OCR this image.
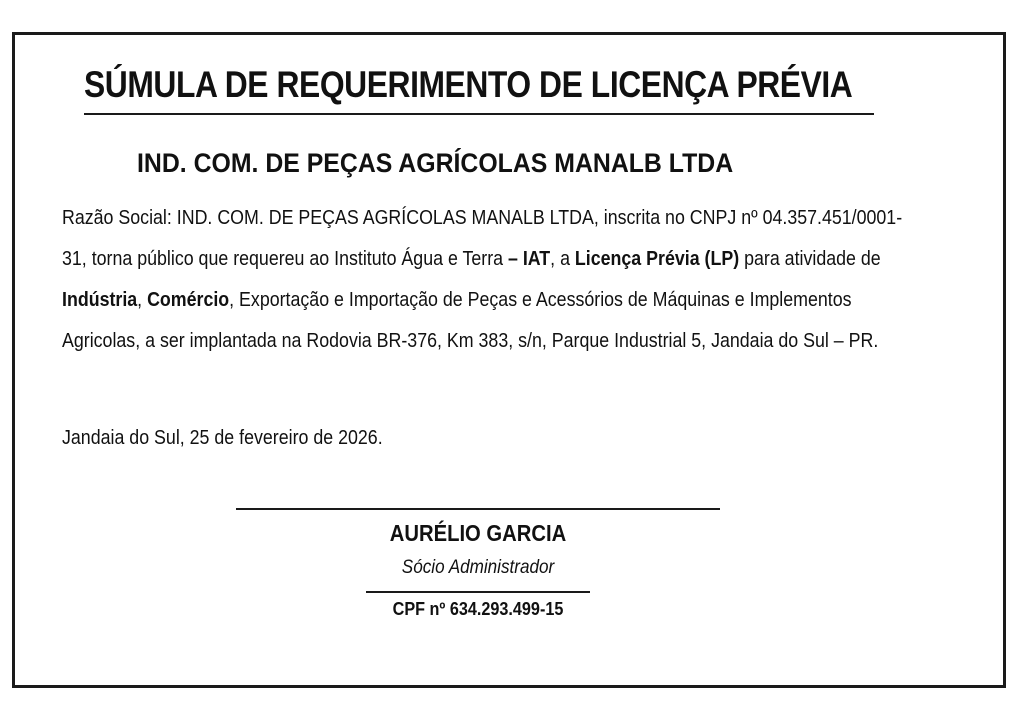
SÚMULA DE REQUERIMENTO DE LICENÇA PRÉVIA
IND. COM. DE PEÇAS AGRÍCOLAS MANALB LTDA

Razão Social: IND. COM. DE PEÇAS AGRÍCOLAS MANALB LTDA, inscrita no CNPJ nº 04.357.451/0001-31, torna público que requereu ao Instituto Água e Terra – IAT, a Licença Prévia (LP) para atividade de Indústria, Comércio, Exportação e Importação de Peças e Acessórios de Máquinas e Implementos Agricolas, a ser implantada na Rodovia BR-376, Km 383, s/n, Parque Industrial 5, Jandaia do Sul – PR.

Jandaia do Sul, 25 de fevereiro de 2026.

AURÉLIO GARCIA

Sócio Administrador

CPF nº 634.293.499-15
